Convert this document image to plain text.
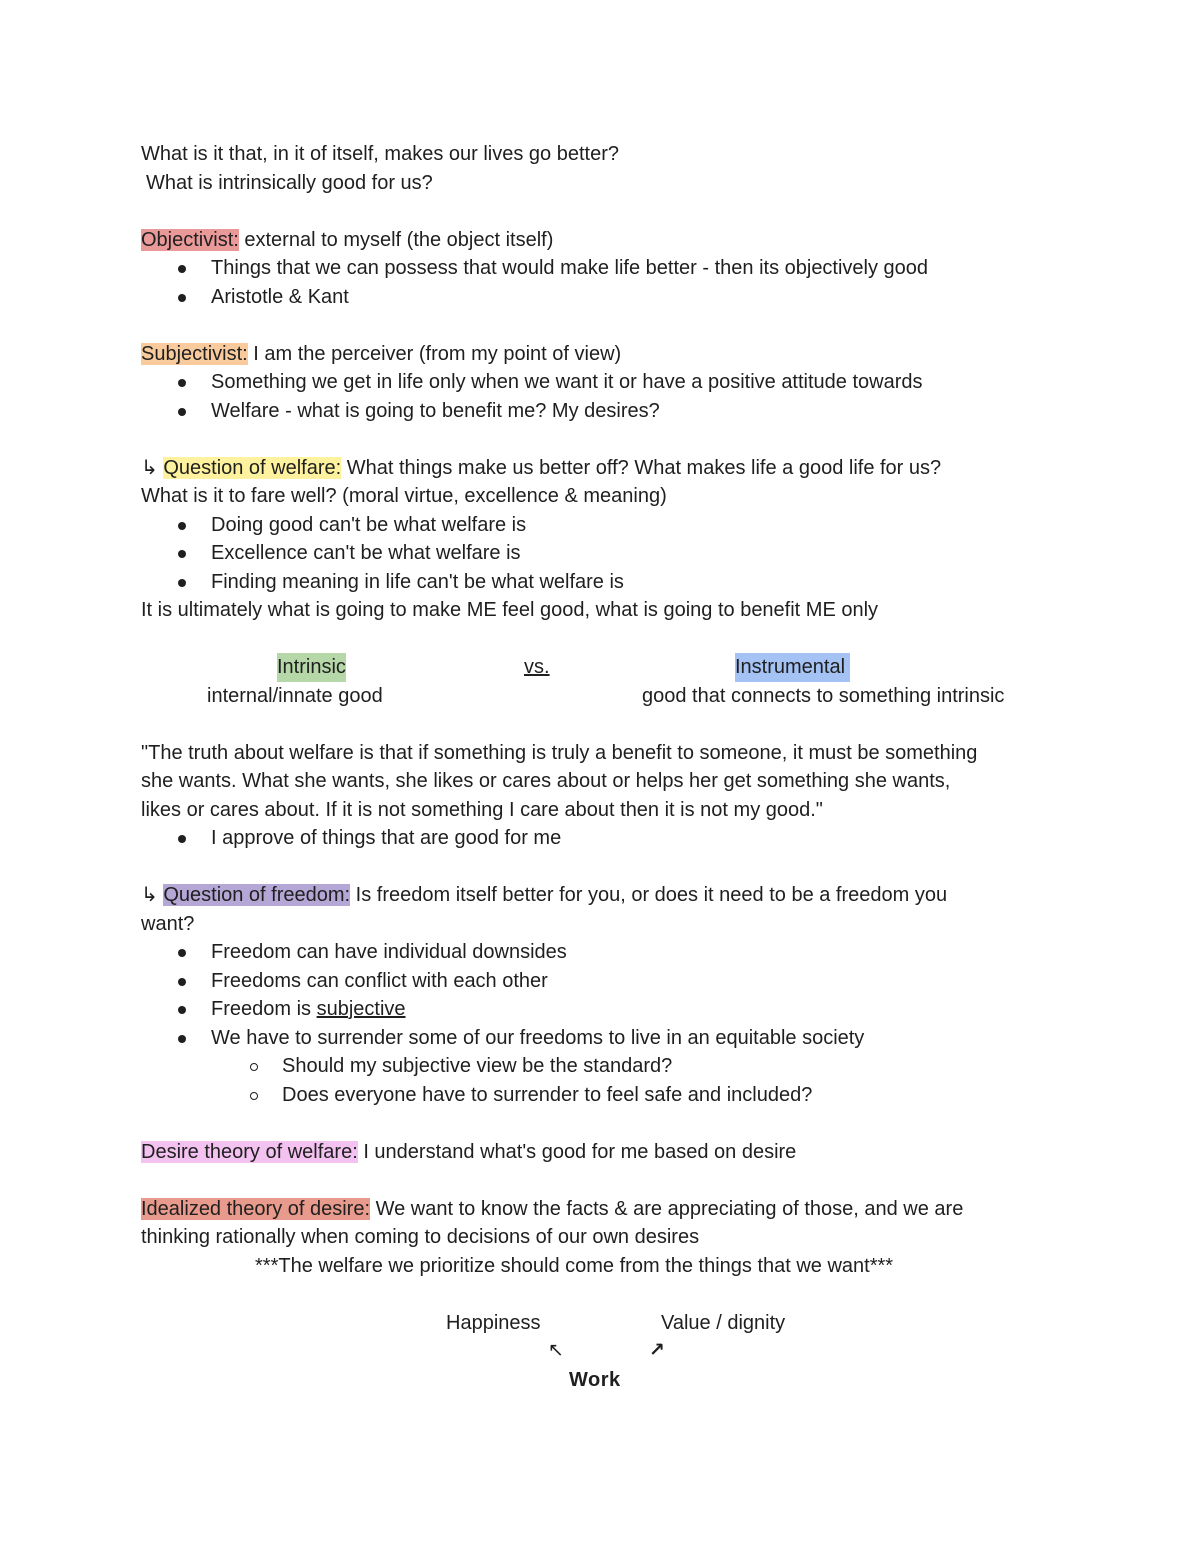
What is it that, in it of itself, makes our lives go better?
What is intrinsically good for us?
Objectivist: external to myself (the object itself)
Things that we can possess that would make life better - then its objectively good
Aristotle & Kant
Subjectivist: I am the perceiver (from my point of view)
Something we get in life only when we want it or have a positive attitude towards
Welfare - what is going to benefit me? My desires?
↳ Question of welfare: What things make us better off? What makes life a good life for us?
What is it to fare well? (moral virtue, excellence & meaning)
Doing good can't be what welfare is
Excellence can't be what welfare is
Finding meaning in life can't be what welfare is
It is ultimately what is going to make ME feel good, what is going to benefit ME only
Intrinsic	vs.	Instrumental
internal/innate good	good that connects to something intrinsic
"The truth about welfare is that if something is truly a benefit to someone, it must be something
she wants. What she wants, she likes or cares about or helps her get something she wants,
likes or cares about. If it is not something I care about then it is not my good."
I approve of things that are good for me
↳ Question of freedom: Is freedom itself better for you, or does it need to be a freedom you
want?
Freedom can have individual downsides
Freedoms can conflict with each other
Freedom is subjective
We have to surrender some of our freedoms to live in an equitable society
Should my subjective view be the standard?
Does everyone have to surrender to feel safe and included?
Desire theory of welfare: I understand what's good for me based on desire
Idealized theory of desire: We want to know the facts & are appreciating of those, and we are
thinking rationally when coming to decisions of our own desires
***The welfare we prioritize should come from the things that we want***
Happiness	Value / dignity
↖	↗
Work
